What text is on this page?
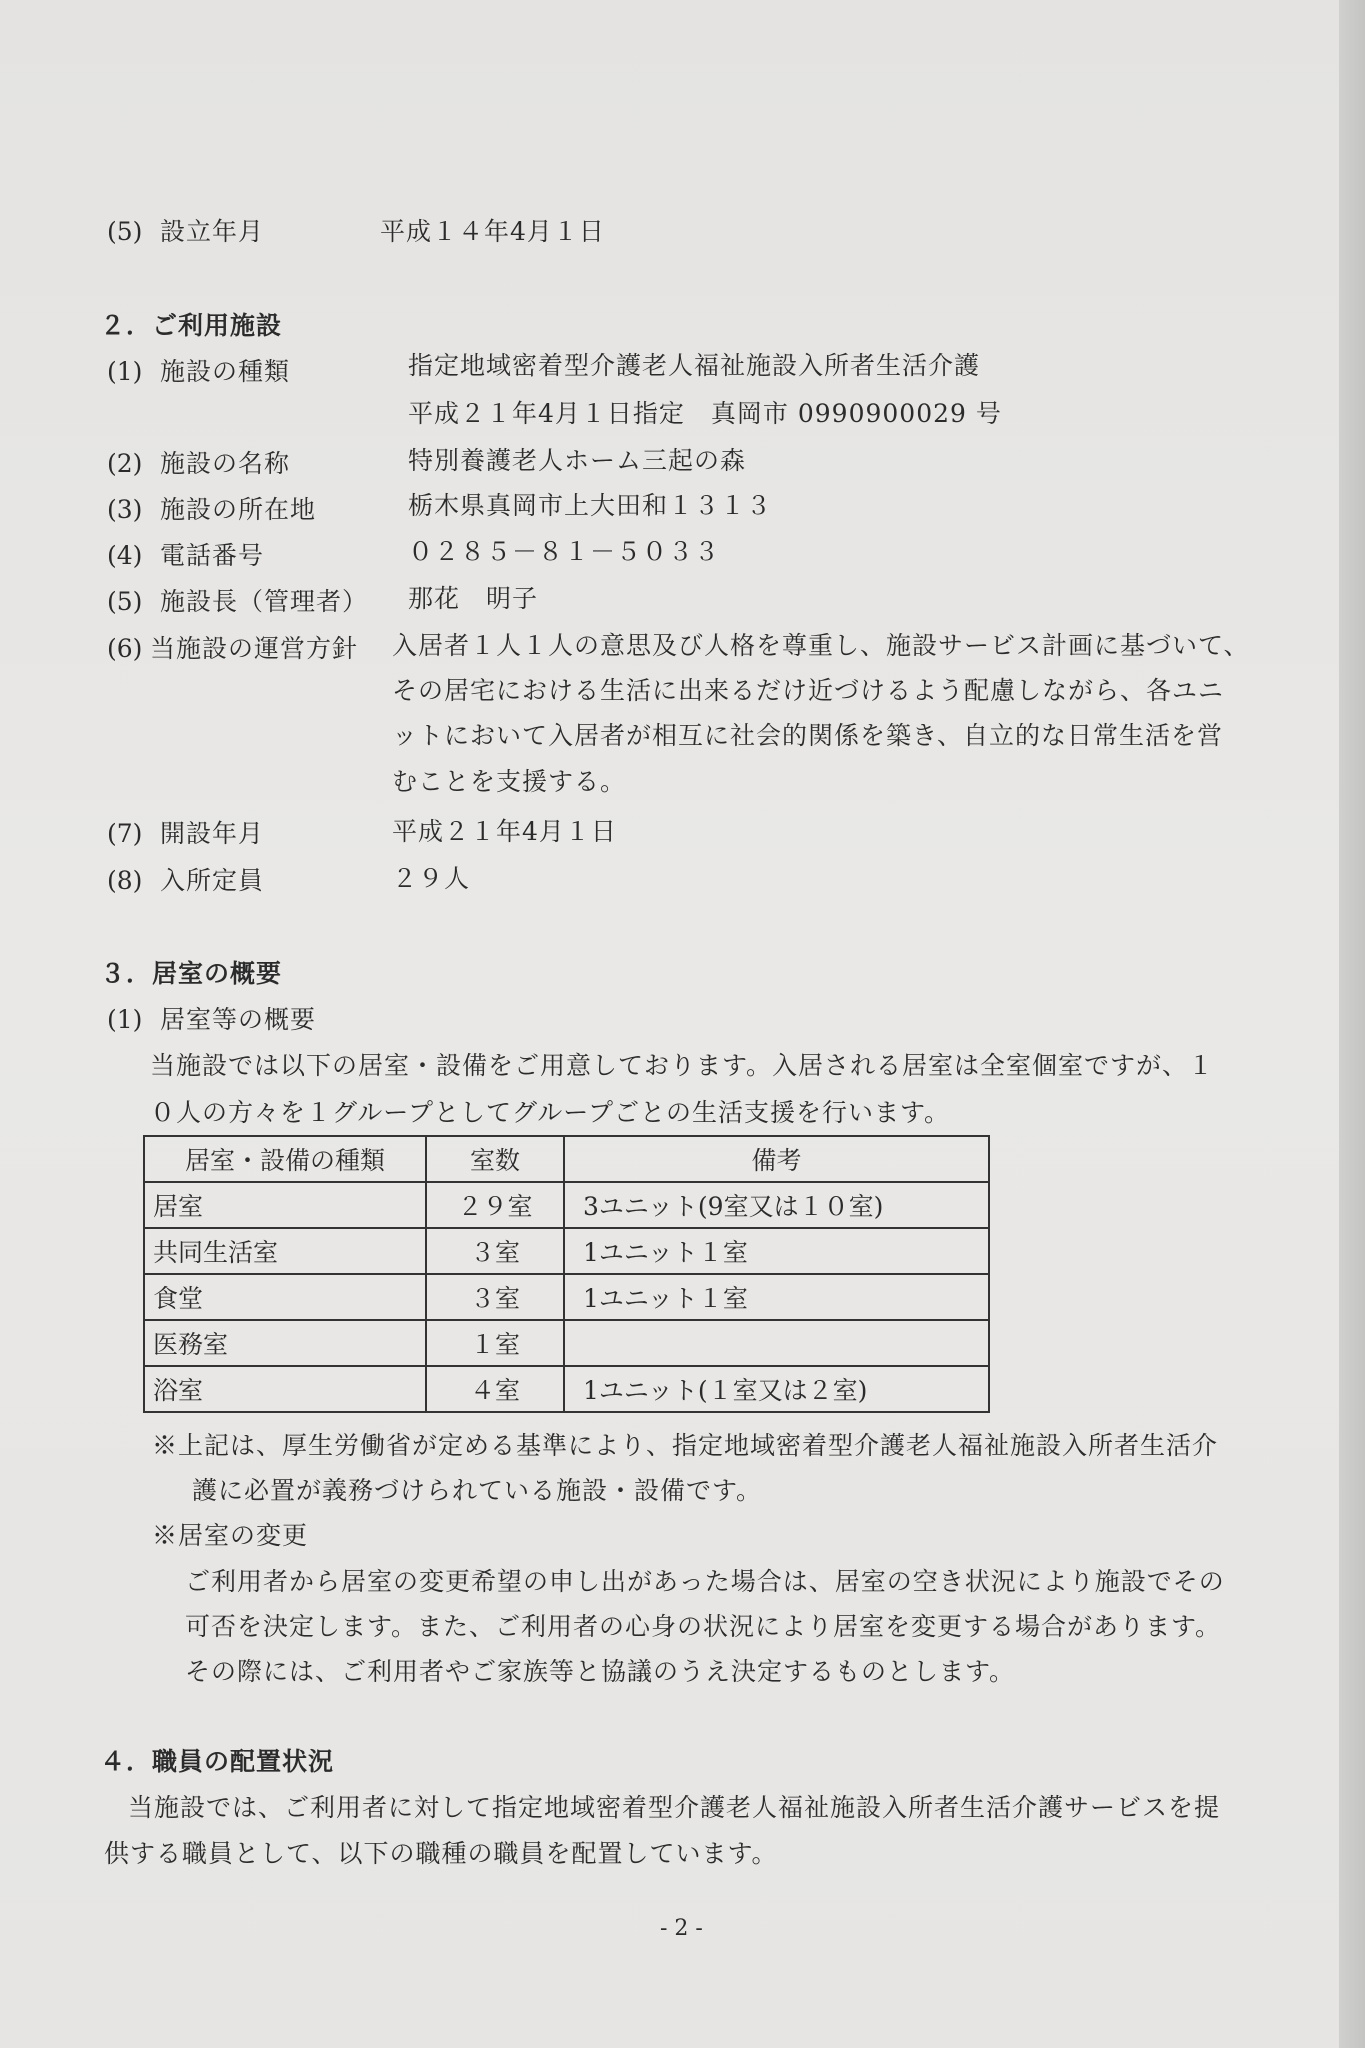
(5) 設立年月	平成１４年4月１日
２．ご利用施設
(1) 施設の種類	指定地域密着型介護老人福祉施設入所者生活介護
平成２１年4月１日指定　真岡市 0990900029 号
(2) 施設の名称	特別養護老人ホーム三起の森
(3) 施設の所在地	栃木県真岡市上大田和１３１３
(4) 電話番号	０２８５－８１－５０３３
(5) 施設長（管理者） 那花　明子
(6) 当施設の運営方針 入居者１人１人の意思及び人格を尊重し、施設サービス計画に基づいて、
その居宅における生活に出来るだけ近づけるよう配慮しながら、各ユニ
ットにおいて入居者が相互に社会的関係を築き、自立的な日常生活を営
むことを支援する。
(7) 開設年月	平成２１年4月１日
(8) 入所定員	２９人
３．居室の概要
(1) 居室等の概要
当施設では以下の居室・設備をご用意しております。入居される居室は全室個室ですが、１
０人の方々を１グループとしてグループごとの生活支援を行います。
居室・設備の種類	室数	備考
居室	２９室	3ユニット(9室又は１０室)
共同生活室	３室	1ユニット１室
食堂	３室	1ユニット１室
医務室	１室	
浴室	４室	1ユニット(１室又は２室)
※上記は、厚生労働省が定める基準により、指定地域密着型介護老人福祉施設入所者生活介
護に必置が義務づけられている施設・設備です。
※居室の変更
ご利用者から居室の変更希望の申し出があった場合は、居室の空き状況により施設でその
可否を決定します。また、ご利用者の心身の状況により居室を変更する場合があります。
その際には、ご利用者やご家族等と協議のうえ決定するものとします。
４．職員の配置状況
当施設では、ご利用者に対して指定地域密着型介護老人福祉施設入所者生活介護サービスを提
供する職員として、以下の職種の職員を配置しています。
- 2 -
